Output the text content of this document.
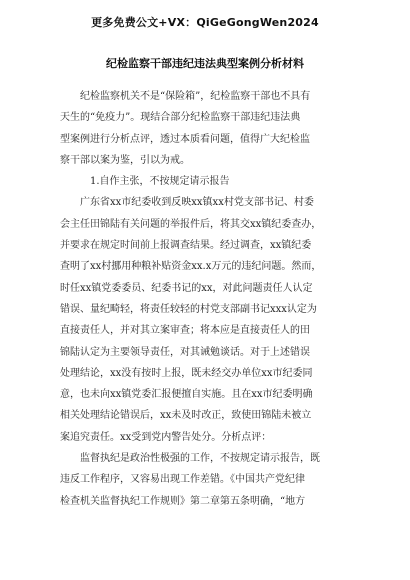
更多免费公文+VX：QiGeGongWen2024
纪检监察干部违纪违法典型案例分析材料
纪检监察机关不是“保险箱”，纪检监察干部也不具有
天生的“免疫力”。现结合部分纪检监察干部违纪违法典
型案例进行分析点评，透过本质看问题，值得广大纪检监
察干部以案为鉴，引以为戒。
1.自作主张，不按规定请示报告
广东省xx市纪委收到反映xx镇xx村党支部书记、村委
会主任田锦陆有关问题的举报件后，将其交xx镇纪委查办，
并要求在规定时间前上报调查结果。经过调查，xx镇纪委
查明了xx村挪用种粮补贴资金xx.x万元的违纪问题。然而，
时任xx镇党委委员、纪委书记的xx，对此问题责任人认定
错误、量纪畸轻，将责任较轻的村党支部副书记xxx认定为
直接责任人，并对其立案审查；将本应是直接责任人的田
锦陆认定为主要领导责任，对其诫勉谈话。对于上述错误
处理结论，xx没有按时上报，既未经交办单位xx市纪委同
意，也未向xx镇党委汇报便擅自实施。且在xx市纪委明确
相关处理结论错误后，xx未及时改正，致使田锦陆未被立
案追究责任。xx受到党内警告处分。分析点评：
监督执纪是政治性极强的工作，不按规定请示报告，既
违反工作程序，又容易出现工作差错。《中国共产党纪律
检查机关监督执纪工作规则》第二章第五条明确，“地方
